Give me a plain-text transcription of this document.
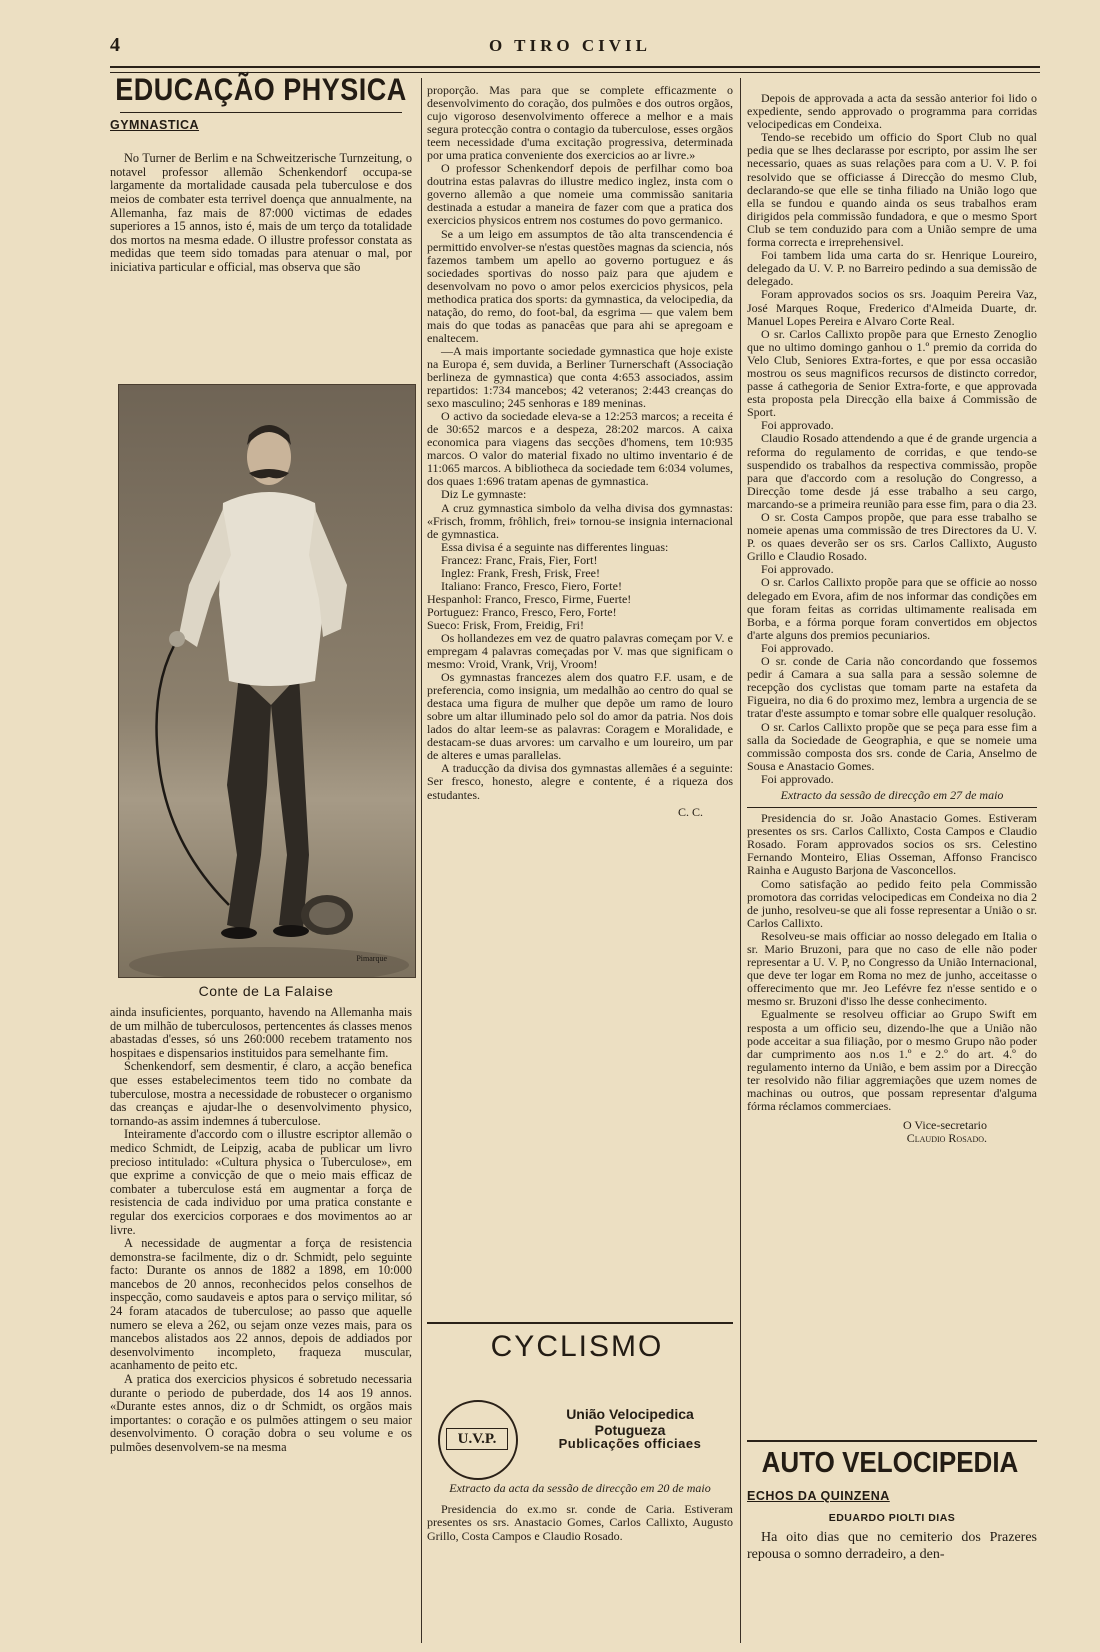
4	O TIRO CIVIL
EDUCAÇÃO PHYSICA
GYMNASTICA

No Turner de Berlim e na Schweitzerische Turnzeitung, o notavel professor allemão Schenkendorf occupa-se largamente da mortalidade causada pela tuberculose e dos meios de combater esta terrivel doença que annualmente, na Allemanha, faz mais de 87:000 victimas de edades superiores a 15 annos, isto é, mais de um terço da totalidade dos mortos na mesma edade. O illustre professor constata as medidas que teem sido tomadas para atenuar o mal, por iniciativa particular e official, mas observa que são

Pimarque
Conte de La Falaise

ainda insuficientes, porquanto, havendo na Allemanha mais de um milhão de tuberculosos, pertencentes ás classes menos abastadas d'esses, só uns 260:000 recebem tratamento nos hospitaes e dispensarios instituidos para semelhante fim.

Schenkendorf, sem desmentir, é claro, a acção benefica que esses estabelecimentos teem tido no combate da tuberculose, mostra a necessidade de robustecer o organismo das creanças e ajudar-lhe o desenvolvimento physico, tornando-as assim indemnes á tuberculose.

Inteiramente d'accordo com o illustre escriptor allemão o medico Schmidt, de Leipzig, acaba de publicar um livro precioso intitulado: «Cultura physica o Tuberculose», em que exprime a convicção de que o meio mais efficaz de combater a tuberculose está em augmentar a força de resistencia de cada individuo por uma pratica constante e regular dos exercicios corporaes e dos movimentos ao ar livre.

A necessidade de augmentar a força de resistencia demonstra-se facilmente, diz o dr. Schmidt, pelo seguinte facto: Durante os annos de 1882 a 1898, em 10:000 mancebos de 20 annos, reconhecidos pelos conselhos de inspecção, como saudaveis e aptos para o serviço militar, só 24 foram atacados de tuberculose; ao passo que aquelle numero se eleva a 262, ou sejam onze vezes mais, para os mancebos alistados aos 22 annos, depois de addiados por desenvolvimento incompleto, fraqueza muscular, acanhamento de peito etc.

A pratica dos exercicios physicos é sobretudo necessaria durante o periodo de puberdade, dos 14 aos 19 annos. «Durante estes annos, diz o dr Schmidt, os orgãos mais importantes: o coração e os pulmões attingem o seu maior desenvolvimento. O coração dobra o seu volume e os pulmões desenvolvem-se na mesma

proporção. Mas para que se complete efficazmente o desenvolvimento do coração, dos pulmões e dos outros orgãos, cujo vigoroso desenvolvimento offerece a melhor e a mais segura protecção contra o contagio da tuberculose, esses orgãos teem necessidade d'uma excitação progressiva, determinada por uma pratica conveniente dos exercicios ao ar livre.»

O professor Schenkendorf depois de perfilhar como boa doutrina estas palavras do illustre medico inglez, insta com o governo allemão a que nomeie uma commissão sanitaria destinada a estudar a maneira de fazer com que a pratica dos exercicios physicos entrem nos costumes do povo germanico.

Se a um leigo em assumptos de tão alta transcendencia é permittido envolver-se n'estas questões magnas da sciencia, nós fazemos tambem um apello ao governo portuguez e ás sociedades sportivas do nosso paiz para que ajudem e desenvolvam no povo o amor pelos exercicios physicos, pela methodica pratica dos sports: da gymnastica, da velocipedia, da natação, do remo, do foot-bal, da esgrima — que valem bem mais do que todas as panacêas que para ahi se apregoam e enaltecem.

—A mais importante sociedade gymnastica que hoje existe na Europa é, sem duvida, a Berliner Turnerschaft (Associação berlineza de gymnastica) que conta 4:653 associados, assim repartidos: 1:734 mancebos; 42 veteranos; 2:443 creanças do sexo masculino; 245 senhoras e 189 meninas.

O activo da sociedade eleva-se a 12:253 marcos; a receita é de 30:652 marcos e a despeza, 28:202 marcos. A caixa economica para viagens das secções d'homens, tem 10:935 marcos. O valor do material fixado no ultimo inventario é de 11:065 marcos. A bibliotheca da sociedade tem 6:034 volumes, dos quaes 1:696 tratam apenas de gymnastica.

Diz Le gymnaste:

A cruz gymnastica simbolo da velha divisa dos gymnastas: «Frisch, fromm, frôhlich, frei» tornou-se insignia internacional de gymnastica.

Essa divisa é a seguinte nas differentes linguas:

Francez: Franc, Frais, Fier, Fort!

Inglez: Frank, Fresh, Frisk, Free!

Italiano: Franco, Fresco, Fiero, Forte!

Hespanhol: Franco, Fresco, Firme, Fuerte!

Portuguez: Franco, Fresco, Fero, Forte!

Sueco: Frisk, From, Freidig, Fri!

Os hollandezes em vez de quatro palavras começam por V. e empregam 4 palavras começadas por V. mas que significam o mesmo: Vroid, Vrank, Vrij, Vroom!

Os gymnastas francezes alem dos quatro F.F. usam, e de preferencia, como insignia, um medalhão ao centro do qual se destaca uma figura de mulher que depõe um ramo de louro sobre um altar illuminado pelo sol do amor da patria. Nos dois lados do altar leem-se as palavras: Coragem e Moralidade, e destacam-se duas arvores: um carvalho e um loureiro, um par de alteres e umas parallelas.

A traducção da divisa dos gymnastas allemães é a seguinte: Ser fresco, honesto, alegre e contente, é a riqueza dos estudantes.

C. C.
CYCLISMO
U.V.P.
União Velocipedica Potugueza
Publicações officiaes
Extracto da acta da sessão de direcção em 20 de maio

Presidencia do ex.mo sr. conde de Caria. Estiveram presentes os srs. Anastacio Gomes, Carlos Callixto, Augusto Grillo, Costa Campos e Claudio Rosado.

Depois de approvada a acta da sessão anterior foi lido o expediente, sendo approvado o programma para corridas velocipedicas em Condeixa.

Tendo-se recebido um officio do Sport Club no qual pedia que se lhes declarasse por escripto, por assim lhe ser necessario, quaes as suas relações para com a U. V. P. foi resolvido que se officiasse á Direcção do mesmo Club, declarando-se que elle se tinha filiado na União logo que ella se fundou e quando ainda os seus trabalhos eram dirigidos pela commissão fundadora, e que o mesmo Sport Club se tem conduzido para com a União sempre de uma forma correcta e irreprehensivel.

Foi tambem lida uma carta do sr. Henrique Loureiro, delegado da U. V. P. no Barreiro pedindo a sua demissão de delegado.

Foram approvados socios os srs. Joaquim Pereira Vaz, José Marques Roque, Frederico d'Almeida Duarte, dr. Manuel Lopes Pereira e Alvaro Corte Real.

O sr. Carlos Callixto propõe para que Ernesto Zenoglio que no ultimo domingo ganhou o 1.º premio da corrida do Velo Club, Seniores Extra-fortes, e que por essa occasião mostrou os seus magnificos recursos de distincto corredor, passe á cathegoria de Senior Extra-forte, e que approvada esta proposta pela Direcção ella baixe á Commissão de Sport.

Foi approvado.

Claudio Rosado attendendo a que é de grande urgencia a reforma do regulamento de corridas, e que tendo-se suspendido os trabalhos da respectiva commissão, propõe para que d'accordo com a resolução do Congresso, a Direcção tome desde já esse trabalho a seu cargo, marcando-se a primeira reunião para esse fim, para o dia 23.

O sr. Costa Campos propõe, que para esse trabalho se nomeie apenas uma commissão de tres Directores da U. V. P. os quaes deverão ser os srs. Carlos Callixto, Augusto Grillo e Claudio Rosado.

Foi approvado.

O sr. Carlos Callixto propõe para que se officie ao nosso delegado em Evora, afim de nos informar das condições em que foram feitas as corridas ultimamente realisada em Borba, e a fórma porque foram convertidos em objectos d'arte alguns dos premios pecuniarios.

Foi approvado.

O sr. conde de Caria não concordando que fossemos pedir á Camara a sua salla para a sessão solemne de recepção dos cyclistas que tomam parte na estafeta da Figueira, no dia 6 do proximo mez, lembra a urgencia de se tratar d'este assumpto e tomar sobre elle qualquer resolução.

O sr. Carlos Callixto propõe que se peça para esse fim a salla da Sociedade de Geographia, e que se nomeie uma commissão composta dos srs. conde de Caria, Anselmo de Sousa e Anastacio Gomes.

Foi approvado.

Extracto da sessão de direcção em 27 de maio

Presidencia do sr. João Anastacio Gomes. Estiveram presentes os srs. Carlos Callixto, Costa Campos e Claudio Rosado. Foram approvados socios os srs. Celestino Fernando Monteiro, Elias Osseman, Affonso Francisco Rainha e Augusto Barjona de Vasconcellos.

Como satisfação ao pedido feito pela Commissão promotora das corridas velocipedicas em Condeixa no dia 2 de junho, resolveu-se que ali fosse representar a União o sr. Carlos Callixto.

Resolveu-se mais officiar ao nosso delegado em Italia o sr. Mario Bruzoni, para que no caso de elle não poder representar a U. V. P, no Congresso da União Internacional, que deve ter logar em Roma no mez de junho, acceitasse o offerecimento que mr. Jeo Lefévre fez n'esse sentido e o mesmo sr. Bruzoni d'isso lhe desse conhecimento.

Egualmente se resolveu officiar ao Grupo Swift em resposta a um officio seu, dizendo-lhe que a União não pode acceitar a sua filiação, por o mesmo Grupo não poder dar cumprimento aos n.os 1.º e 2.º do art. 4.º do regulamento interno da União, e bem assim por a Direcção ter resolvido não filiar aggremiações que uzem nomes de machinas ou outros, que possam representar d'alguma fórma réclamos commerciaes.

O Vice-secretario
Claudio Rosado.
AUTO VELOCIPEDIA
ECHOS DA QUINZENA
EDUARDO PIOLTI DIAS

Ha oito dias que no cemiterio dos Prazeres repousa o somno derradeiro, a den-
